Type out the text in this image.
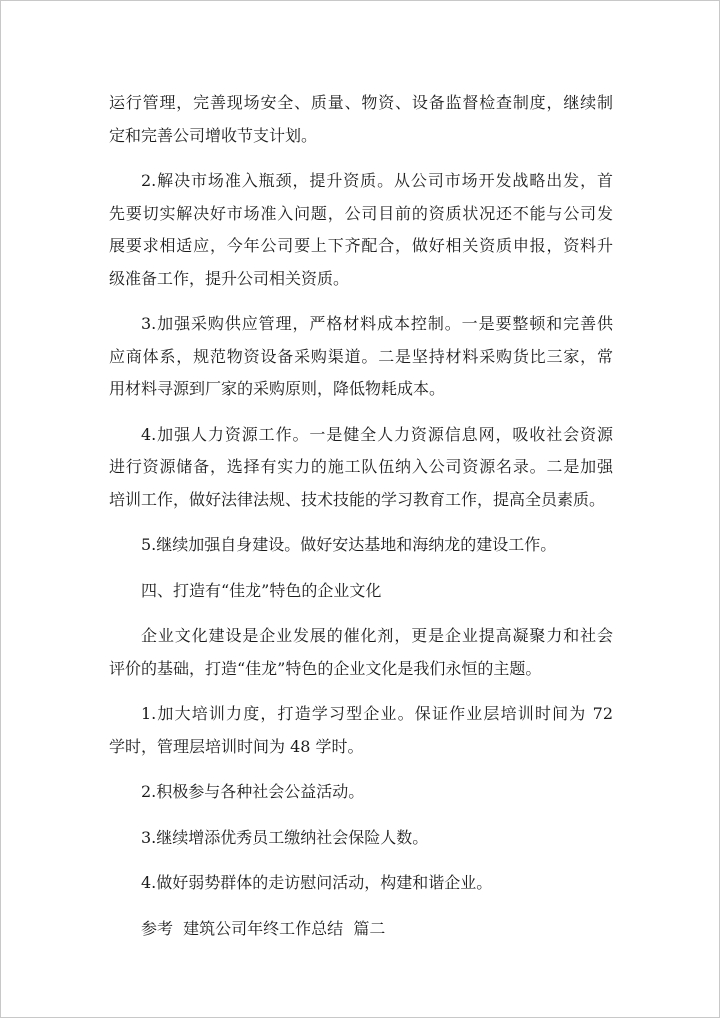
运行管理，完善现场安全、质量、物资、设备监督检查制度，继续制
定和完善公司增收节支计划。
2.解决市场准入瓶颈，提升资质。从公司市场开发战略出发，首
先要切实解决好市场准入问题，公司目前的资质状况还不能与公司发
展要求相适应，今年公司要上下齐配合，做好相关资质申报，资料升
级准备工作，提升公司相关资质。
3.加强采购供应管理，严格材料成本控制。一是要整顿和完善供
应商体系，规范物资设备采购渠道。二是坚持材料采购货比三家，常
用材料寻源到厂家的采购原则，降低物耗成本。
4.加强人力资源工作。一是健全人力资源信息网，吸收社会资源
进行资源储备，选择有实力的施工队伍纳入公司资源名录。二是加强
培训工作，做好法律法规、技术技能的学习教育工作，提高全员素质。
5.继续加强自身建设。做好安达基地和海纳龙的建设工作。
四、打造有“佳龙”特色的企业文化
企业文化建设是企业发展的催化剂，更是企业提高凝聚力和社会
评价的基础，打造“佳龙”特色的企业文化是我们永恒的主题。
1.加大培训力度，打造学习型企业。保证作业层培训时间为 72
学时，管理层培训时间为 48 学时。
2.积极参与各种社会公益活动。
3.继续增添优秀员工缴纳社会保险人数。
4.做好弱势群体的走访慰问活动，构建和谐企业。
参考  建筑公司年终工作总结  篇二
